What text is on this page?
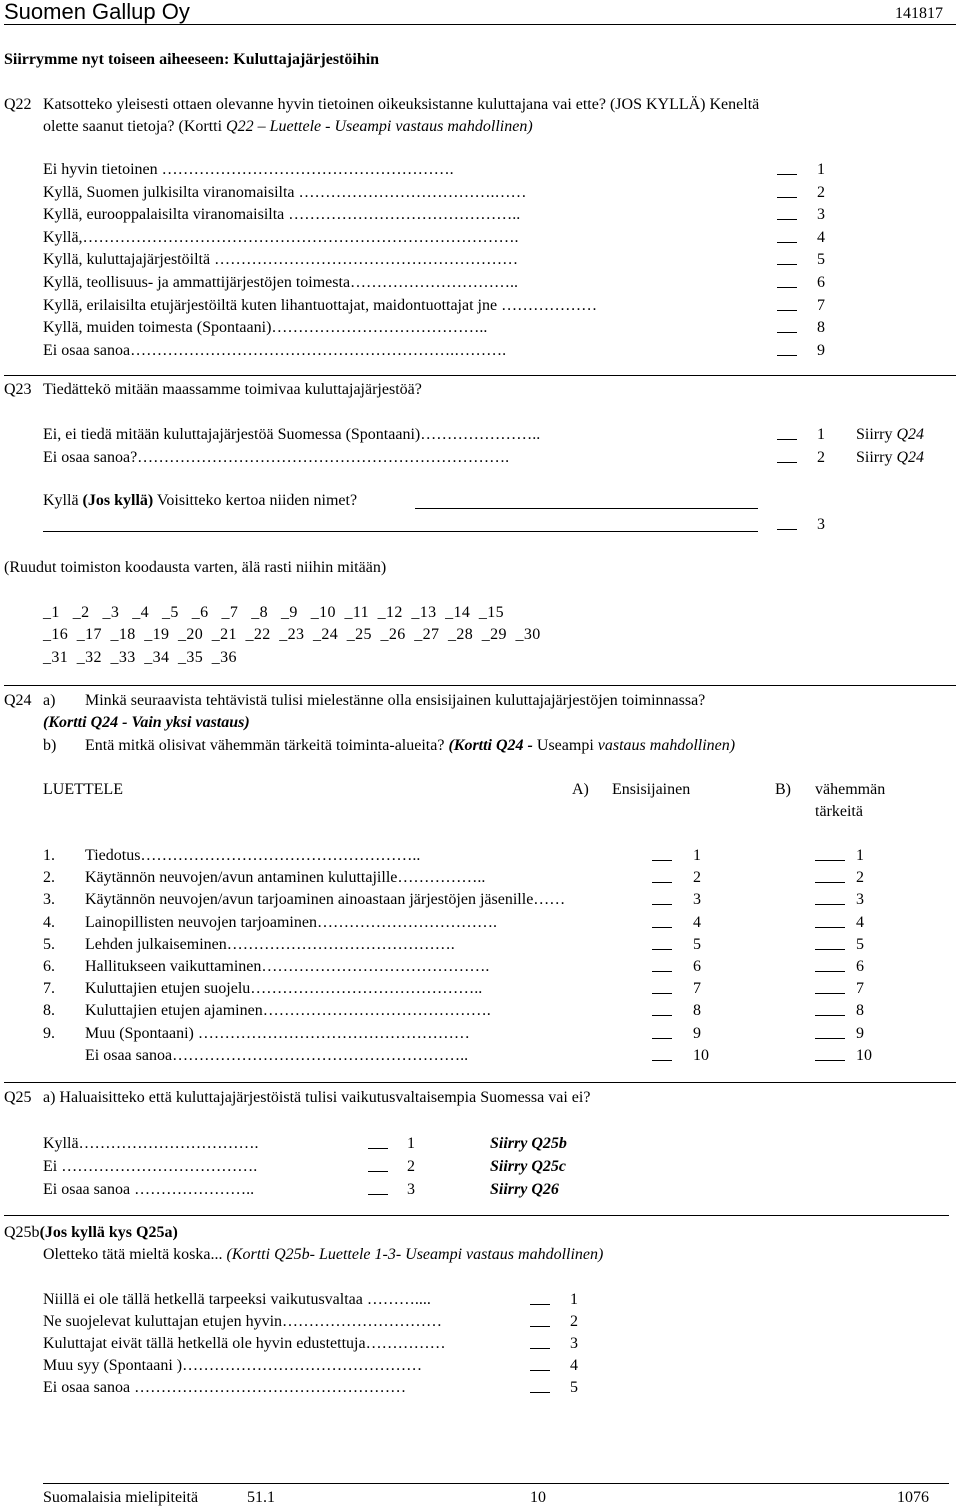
Suomen Gallup Oy	141817
Siirrymme nyt toiseen aiheeseen: Kuluttajajärjestöihin
Q22 Katsotteko yleisesti ottaen olevanne hyvin tietoinen oikeuksistanne kuluttajana vai ette? (JOS KYLLÄ) Keneltä
olette saanut tietoja? (Kortti Q22 – Luettele - Useampi vastaus mahdollinen)
Ei hyvin tietoinen ……………………………………………….	1
Kyllä, Suomen julkisilta viranomaisilta ……………………………….……	2
Kyllä, eurooppalaisilta viranomaisilta ……………………………………..	3
Kyllä,……………………………………………………………………….	4
Kyllä, kuluttajajärjestöiltä …………………………………………………	5
Kyllä, teollisuus- ja ammattijärjestöjen toimesta…………………………..	6
Kyllä, erilaisilta etujärjestöiltä kuten lihantuottajat, maidontuottajat jne ………………	7
Kyllä, muiden toimesta (Spontaani)…………………………………..	8
Ei osaa sanoa…………………………………………………….……….	9
Q23 Tiedättekö mitään maassamme toimivaa kuluttajajärjestöä?
Ei, ei tiedä mitään kuluttajajärjestöä Suomessa (Spontaani)…………………..	1 Siirry Q24
Ei osaa sanoa?…………………………………………………………….	2 Siirry Q24
Kyllä (Jos kyllä) Voisitteko kertoa niiden nimet?
3
(Ruudut toimiston koodausta varten, älä rasti niihin mitään)
_1   _2   _3   _4   _5   _6   _7   _8   _9   _10  _11  _12  _13  _14  _15
_16  _17  _18  _19  _20  _21  _22  _23  _24  _25  _26  _27  _28  _29  _30
_31  _32  _33  _34  _35  _36
Q24 a) Minkä seuraavista tehtävistä tulisi mielestänne olla ensisijainen kuluttajajärjestöjen toiminnassa?
(Kortti Q24 - Vain yksi vastaus)
b) Entä mitkä olisivat vähemmän tärkeitä toiminta-alueita? (Kortti Q24 - Useampi vastaus mahdollinen)
LUETTELE	A) Ensisijainen	B) vähemmän
tärkeitä
1. Tiedotus……………………………………………..	1	1
2. Käytännön neuvojen/avun antaminen kuluttajille……………..	2	2
3. Käytännön neuvojen/avun tarjoaminen ainoastaan järjestöjen jäsenille……	3	3
4. Lainopillisten neuvojen tarjoaminen…………………………….	4	4
5. Lehden julkaiseminen…………………………………….	5	5
6. Hallitukseen vaikuttaminen…………………………………….	6	6
7. Kuluttajien etujen suojelu……………………………………..	7	7
8. Kuluttajien etujen ajaminen…………………………………….	8	8
9. Muu (Spontaani) ……………………………………………	9	9
Ei osaa sanoa………………………………………………..	10	10
Q25 a) Haluaisitteko että kuluttajajärjestöistä tulisi vaikutusvaltaisempia Suomessa vai ei?
Kyllä…………………………….	1	Siirry Q25b
Ei ……………………………….	2	Siirry Q25c
Ei osaa sanoa …………………..	3	Siirry Q26
Q25b(Jos kyllä kys Q25a)
Oletteko tätä mieltä koska... (Kortti Q25b- Luettele 1-3- Useampi vastaus mahdollinen)
Niillä ei ole tällä hetkellä tarpeeksi vaikutusvaltaa ………....	1
Ne suojelevat kuluttajan etujen hyvin…………………………	2
Kuluttajat eivät tällä hetkellä ole hyvin edustettuja……………	3
Muu syy (Spontaani )………………………………………	4
Ei osaa sanoa ……………………………………………	5
Suomalaisia mielipiteitä	51.1	10	1076
